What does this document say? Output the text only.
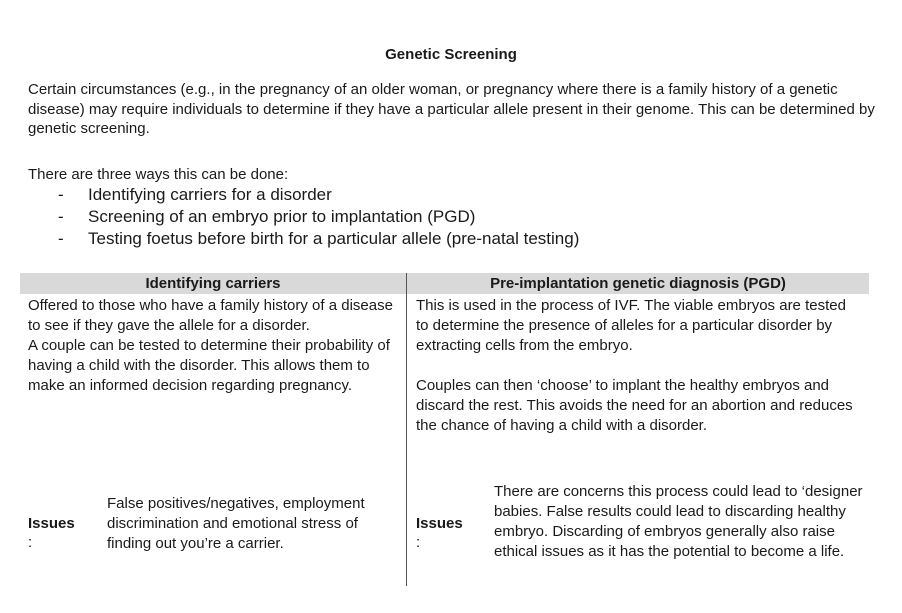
Genetic Screening

Certain circumstances (e.g., in the pregnancy of an older woman, or pregnancy where there is a family history of a genetic disease) may require individuals to determine if they have a particular allele present in their genome. This can be determined by genetic screening.

There are three ways this can be done:

- Identifying carriers for a disorder
- Screening of an embryo prior to implantation (PGD)
- Testing foetus before birth for a particular allele (pre-natal testing)
Identifying carriers	Pre-implantation genetic diagnosis (PGD)
Offered to those who have a family history of a disease to see if they gave the allele for a disorder.
A couple can be tested to determine their probability of having a child with the disorder. This allows them to make an informed decision regarding pregnancy.
Issues
:

False positives/negatives, employment discrimination and emotional stress of finding out you’re a carrier.

This is used in the process of IVF. The viable embryos are tested to determine the presence of alleles for a particular disorder by extracting cells from the embryo.
Couples can then ‘choose’ to implant the healthy embryos and discard the rest. This avoids the need for an abortion and reduces the chance of having a child with a disorder.
Issues
:

There are concerns this process could lead to ‘designer babies. False results could lead to discarding healthy embryo. Discarding of embryos generally also raise ethical issues as it has the potential to become a life.
